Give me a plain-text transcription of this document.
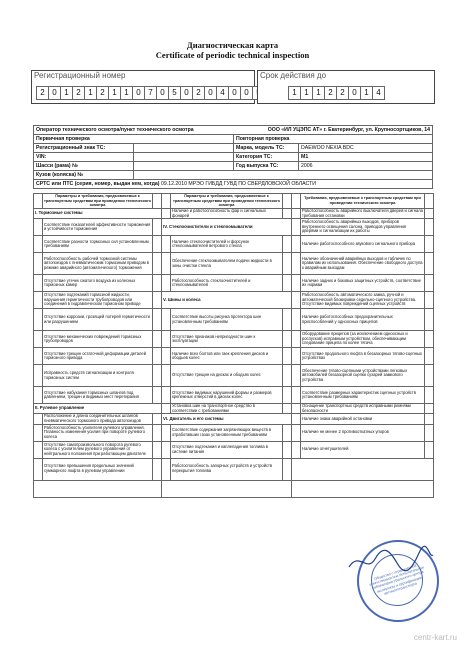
Диагностическая карта
Certificate of periodic technical inspection
Регистрационный номер
2 0 1 2 1 2 1 1 0 7 0 5 0 2 0 4 0 0
Срок действия до
1 1 1 2 2 0 1 4
Оператор технического осмотра/пункт технического осмотра ООО «ИЛ УЦЭПС АТ» г. Екатеринбург, ул. Крупносортщиков, 14			

Первичная проверка		Повторная проверка	
Регистрационный знак ТС:		Марка, модель ТС:	DAEWOO NEXIA BDC
VIN:		Категория ТС:	M1
Шасси (рама) №		Год выпуска ТС:	2006
Кузов (коляска) №			
СРТС или ПТС (серия, номер, выдан кем, когда) 09.12.2010 МРЭО ГИБДД ГУВД ПО СВЕРДЛОВСКОЙ ОБЛАСТИ			
	Параметры и требования, предъявляемые к транспортным средствам при проведении технического осмотра			Параметры и требования, предъявляемые к транспортным средствам при проведении технического осмотра			Требования, предъявляемые к транспортным средствам при проведении технического осмотра	
I. Тормозные системы				Наличие и работоспособность фар и сигнальных фонарей			Работоспособность аварийного выключателя дверей и сигнала требования остановки	
	Соответствие показателей эффективности торможения и устойчивости торможения		IV. Стеклоочистители и стеклоомыватели				Работоспособность аварийных выходов, приборов внутреннего освещения салона, приводов управления дверями и сигнализации их работы	
	Соответствие разности тормозных сил установленным требованиям			Наличие стеклоочистителей и форсунок стеклоомывателей ветрового стекла			Наличие работоспособного звукового сигнального прибора	
	Работоспособность рабочей тормозной системы автопоездов с пневматическим тормозным приводом в режиме аварийного (автоматического) торможения			Обеспечение стеклоомывателем подачи жидкости в зоны очистки стекла			Наличие обозначений аварийных выходов и табличек по правилам их использования. Обеспечение свободного доступа к аварийным выходам	
	Отсутствие утечек сжатого воздуха из колесных тормозных камер			Работоспособность стеклоочистителей и стеклоомывателей			Наличие задних и боковых защитных устройств, соответствие их нормам	
	Отсутствие подтеканий тормозной жидкости, нарушения герметичности трубопроводов или соединений в гидравлическом тормозном приводе		V. Шины и колеса				Работоспособность автоматического замка, ручной и автоматической блокировки седельно-сцепного устройства. Отсутствие видимых повреждений сцепных устройств	
	Отсутствие коррозии, грозящей потерей герметичности или разрушением			Соответствие высоты рисунка протектора шин установленным требованиям			Наличие работоспособных предохранительных приспособлений у одноосных прицепов	
	Отсутствие механических повреждений тормозных трубопроводов			Отсутствие признаков непригодности шин к эксплуатации			Оборудование прицепов (за исключением одноосных и роспусков) исправным устройством, обеспечивающим следование прицепа по колее тягача	
	Отсутствие трещин остаточной деформации деталей тормозного привода			Наличие всех болтов или гаек крепления дисков и ободьев колес			Отсутствие продольного люфта в беззазорных тягово-сцепных устройствах	
	Исправность средств сигнализации и контроля тормозных систем			Отсутствие трещин на дисках и ободьях колес			Обеспечение тягово-сцепными устройствами легковых автомобилей беззазорной сцепки сухарей замкового устройства	
	Отсутствие набухания тормозных шлангов под давлением, трещин и видимых мест перетирания			Отсутствие видимых нарушений формы и размеров крепежных отверстий в дисках колес			Соответствие размерных характеристик сцепных устройств установленным требованиям	
II. Рулевое управление				Установка шин на транспортное средство в соответствии с требованиями			Оснащение транспортных средств исправными ремнями безопасности	
	Расположение и длина соединительных шлангов пневматического тормозного привода автопоездов		VI. Двигатель и его системы				Наличие знака аварийной остановки	
	Работоспособность усилителя рулевого управления. Плавность изменения усилия при повороте рулевого колеса			Соответствие содержания загрязняющих веществ в отработавших газах установленным требованиям			Наличие не менее 2 противооткатных упоров	
	Отсутствие самопроизвольного поворота рулевого колеса с усилителем рулевого управления от нейтрального положения при работающем двигателе			Отсутствие подтекания и каплепадения топлива в системе питания			Наличие огнетушителей	
	Отсутствие превышения предельных значений суммарного люфта в рулевом управлении			Работоспособность запорных устройств и устройств перекрытия топлива				

Общество с ограниченной ответственностью Испытательная лаборатория Уральского центра экспертизы и сертификации автомототранспорта
centr-kart.ru
